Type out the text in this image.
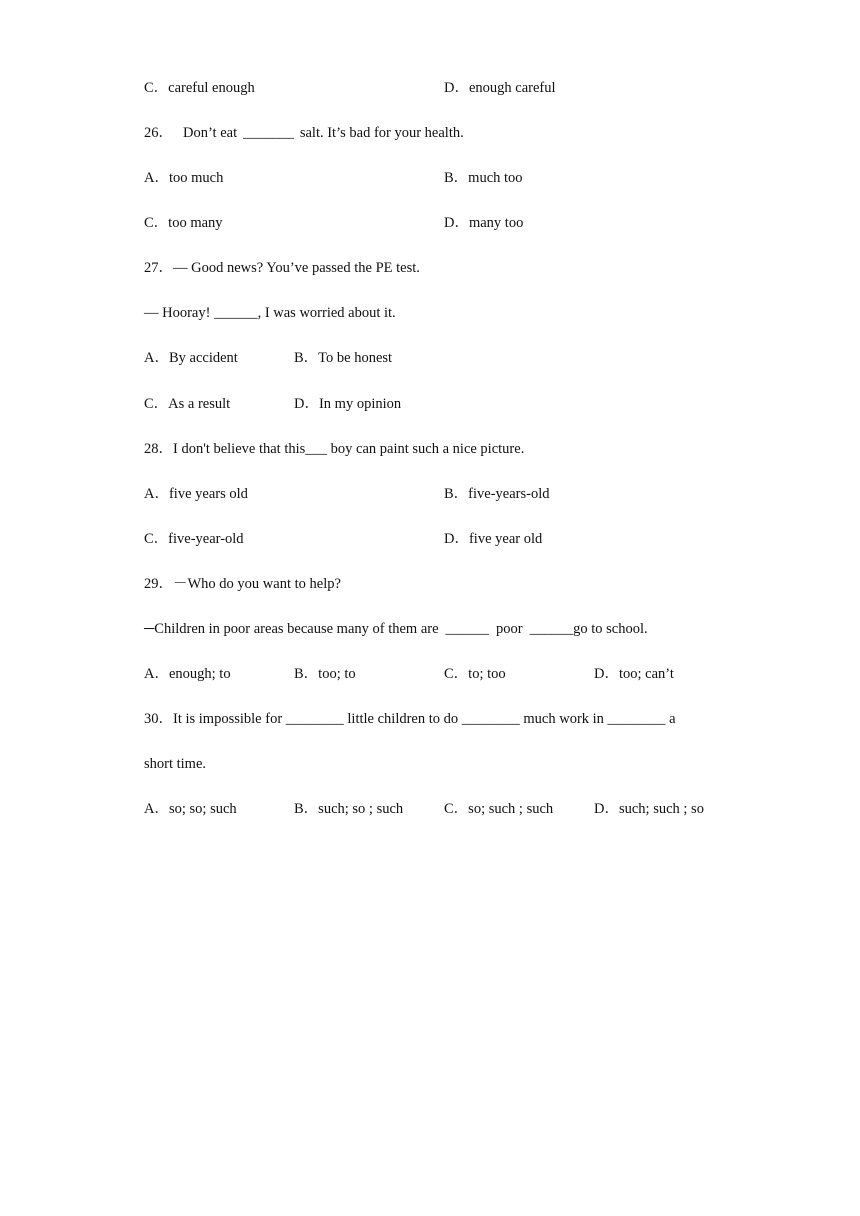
C．careful enough	D．enough careful
26． Don’t eat _______ salt. It’s bad for your health.
A．too much	B．much too
C．too many	D．many too
27．— Good news? You’ve passed the PE test.
— Hooray! ______, I was worried about it.
A．By accident	B．To be honest
C．As a result	D．In my opinion
28．I don't believe that this___ boy can paint such a nice picture.
A．five years old	B．five-years-old
C．five-year-old	D．five year old
29．－Who do you want to help?
─Children in poor areas because many of them are ______ poor ______go to school.
A．enough; to	B．too; to	C．to; too	D．too; can’t
30．It is impossible for ________ little children to do ________ much work in ________ a
short time.
A．so; so; such	B．such; so ; such	C．so; such ; such	D．such; such ; so
